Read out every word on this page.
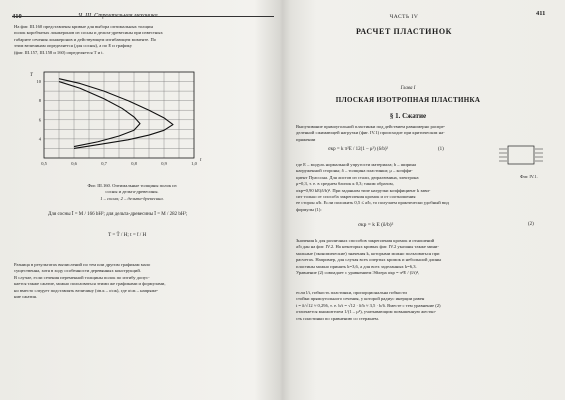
410	Ч. III. Строительная механика

На фиг. III.160 представлены кривые для выбора оптимальных толщин

полок коробчатых лонжеронов из сосны и дельта-древесины при известных

габарите сечения лонжеронов и действующем изгибающем моменте. По

этим величинам определяется (для сосны), а по Е и графику

(фиг. III.157, III.158 и 160) определяется Т и t.

0,5	0,6	0,7	0,8	0,9	1,0
4
6
8
10
t
T

Фиг. III.160. Оптимальные толщины полок из

сосны и дельта-древесины.

1 – сосна; 2 – дельта-древесина.

Для сосны Ī = M / 166 bH²; для дельта-древесины Ī = M / 282 bH²;
T = T̄ / H; t = t̄ / H

Разница в результатах вычислений по тем или другим графикам мало

существенна, хотя в ходу особенности деревянных конструкций.

В случае, если сечения переменной толщины полок по изгибу допус-

кается также сжатие, можно пользоваться этими же графиками и формулами,

но вместо следует подставлять величину (σв.к – σсж), где σсж – напряже-

ние сжатия.

ЧАСТЬ IV	411
РАСЧЕТ ПЛАСТИНОК
Глава I
ПЛОСКАЯ ИЗОТРОПНАЯ ПЛАСТИНКА
§ 1. Сжатие

Выпучивание прямоугольной пластинки под действием равномерно распре-

деленной сжимающей нагрузки (фиг. IV.1) происходит при критическом на-

пряжении

σкр = k π²E / 12(1 – μ²) (δ/b)²	(1)
Фиг. IV.1.

где Е – модуль нормальной упругости материала; b – ширина

нагруженной стороны; δ – толщина пластинки; μ – коэффи-

циент Пуассона. Для листов из стали, дюралюмина, электрона

μ=0,3, т. е. в среднем близок к 0,3; таким образом,

σкр=0,90 kE(δ/b)². При заданном типе нагрузки коэффициент k зави-

сит только от способа закрепления кромок и от соотношения

ее сторон a/b. Если положить 0,5 ≤ a/b, то получаем практически удобный вид

формулы (1):

σкр = k E (δ/b)²	(2)

Значения k для различных способов закрепления кромок и отношений

a/b дан на фиг. IV.2. На некоторых кривых фиг. IV.2 указаны также мини-

мальные (экономические) значения k, которыми можно пользоваться при

расчетах. Например, для случая всех опертых кромок и небольшой длины

пластины можно принять k=3,6, а для всех заделанных k=6,3.

Уравнение (2) совпадает с уравнением Эйлера σкр = π²E / (l/i)²,

если l/i, гибкость пластинки, пропорциональна гибкости

стойки прямоугольного сечения, у которой радиус инерции равен

i = δ/√12 ≈ 0,29δ, т. е. b/i = √12 · δ/b ≈ 3,5 · b/δ. Вместе с тем уравнение (2)

отличается множителем 1/(1 – μ²), учитывающим повышенную жестко-

сть пластинки по сравнению со стержнем.
